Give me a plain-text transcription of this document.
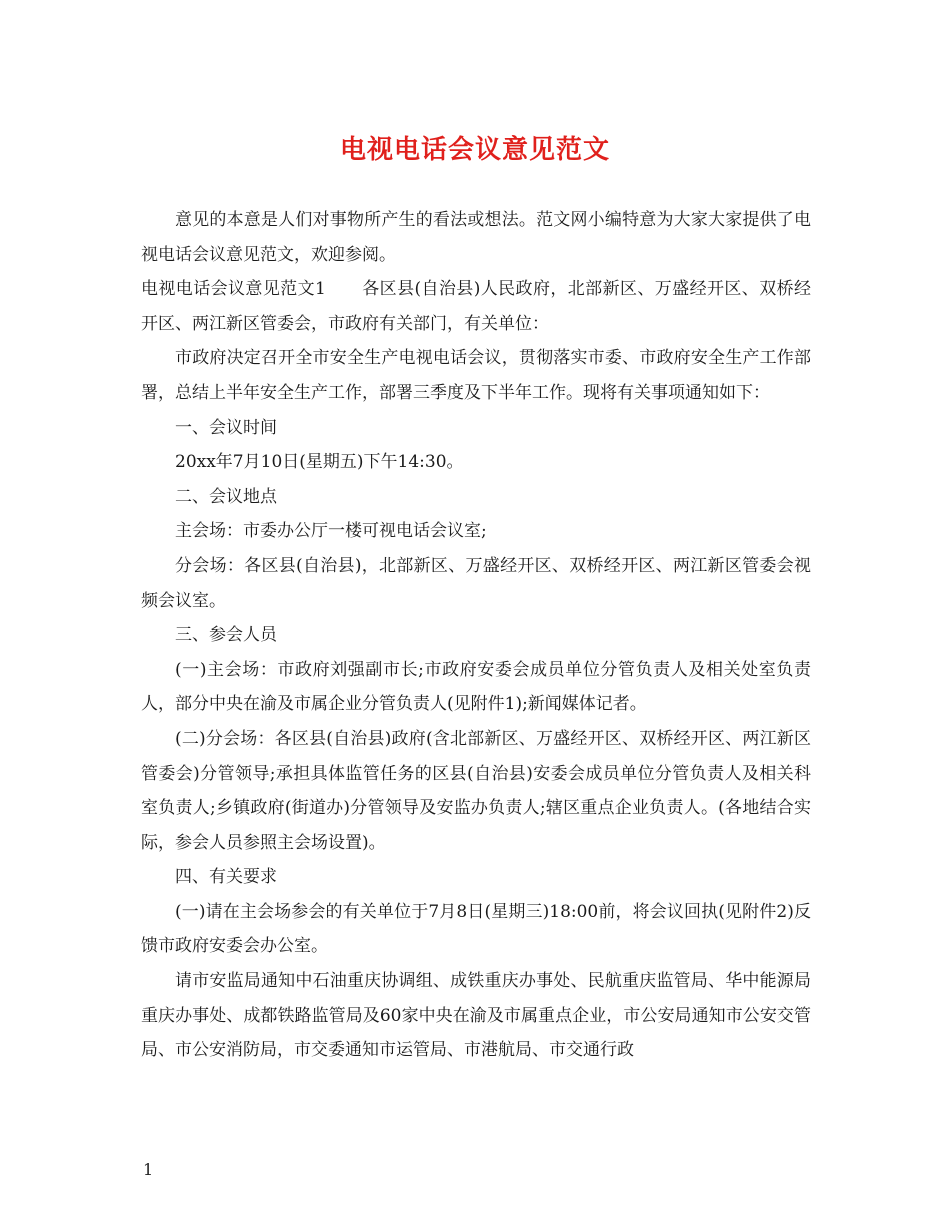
电视电话会议意见范文

意见的本意是人们对事物所产生的看法或想法。范文网小编特意为大家大家提供了电视电话会议意见范文，欢迎参阅。

电视电话会议意见范文1 各区县(自治县)人民政府，北部新区、万盛经开区、双桥经开区、两江新区管委会，市政府有关部门，有关单位：

市政府决定召开全市安全生产电视电话会议，贯彻落实市委、市政府安全生产工作部署，总结上半年安全生产工作，部署三季度及下半年工作。现将有关事项通知如下：

一、会议时间

20xx年7月10日(星期五)下午14:30。

二、会议地点

主会场：市委办公厅一楼可视电话会议室;

分会场：各区县(自治县)，北部新区、万盛经开区、双桥经开区、两江新区管委会视频会议室。

三、参会人员

(一)主会场：市政府刘强副市长;市政府安委会成员单位分管负责人及相关处室负责人，部分中央在渝及市属企业分管负责人(见附件1);新闻媒体记者。

(二)分会场：各区县(自治县)政府(含北部新区、万盛经开区、双桥经开区、两江新区管委会)分管领导;承担具体监管任务的区县(自治县)安委会成员单位分管负责人及相关科室负责人;乡镇政府(街道办)分管领导及安监办负责人;辖区重点企业负责人。(各地结合实际，参会人员参照主会场设置)。

四、有关要求

(一)请在主会场参会的有关单位于7月8日(星期三)18:00前，将会议回执(见附件2)反馈市政府安委会办公室。

请市安监局通知中石油重庆协调组、成铁重庆办事处、民航重庆监管局、华中能源局重庆办事处、成都铁路监管局及60家中央在渝及市属重点企业，市公安局通知市公安交管局、市公安消防局，市交委通知市运管局、市港航局、市交通行政

1
